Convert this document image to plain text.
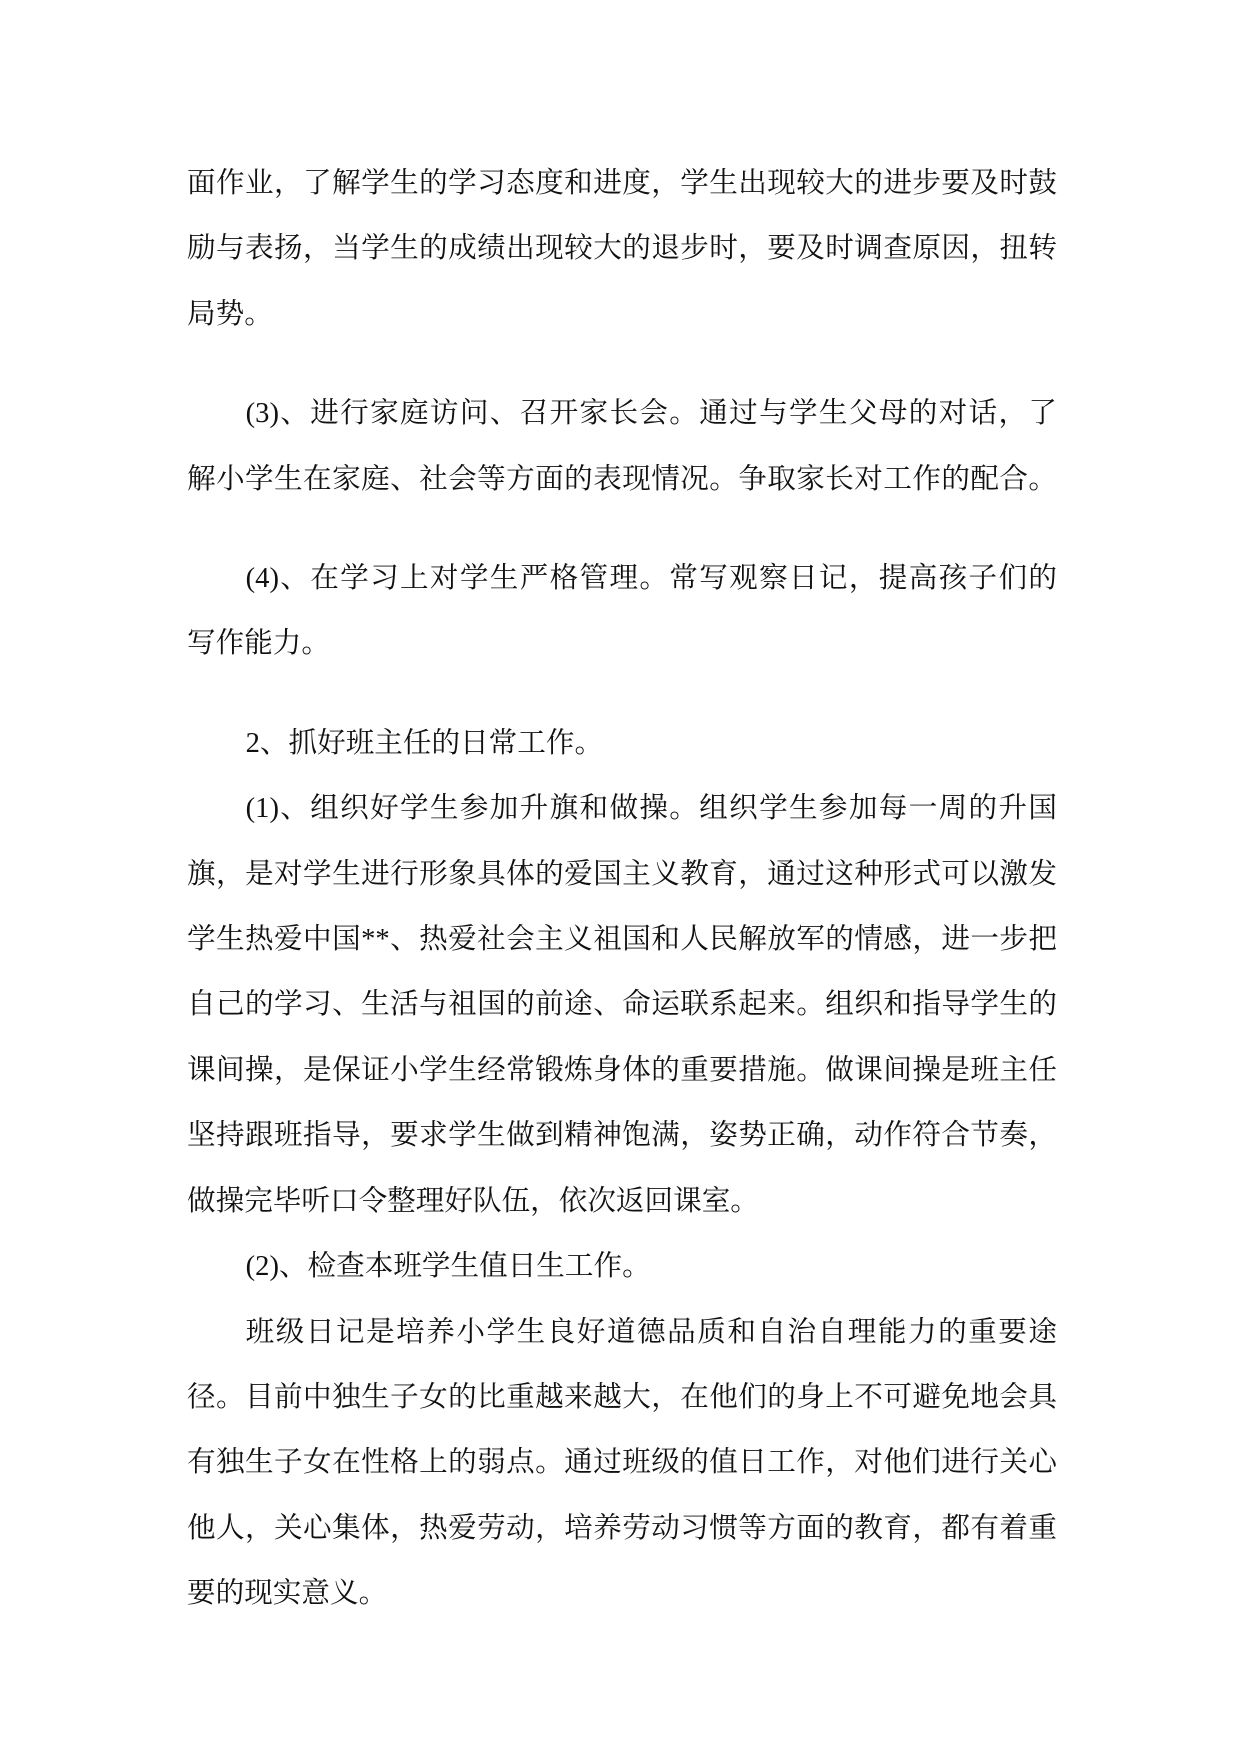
面作业，了解学生的学习态度和进度，学生出现较大的进步要及时鼓
励与表扬，当学生的成绩出现较大的退步时，要及时调查原因，扭转
局势。
(3)、进行家庭访问、召开家长会。通过与学生父母的对话，了
解小学生在家庭、社会等方面的表现情况。争取家长对工作的配合。
(4)、在学习上对学生严格管理。常写观察日记，提高孩子们的
写作能力。
2、抓好班主任的日常工作。
(1)、组织好学生参加升旗和做操。组织学生参加每一周的升国
旗，是对学生进行形象具体的爱国主义教育，通过这种形式可以激发
学生热爱中国**、热爱社会主义祖国和人民解放军的情感，进一步把
自己的学习、生活与祖国的前途、命运联系起来。组织和指导学生的
课间操，是保证小学生经常锻炼身体的重要措施。做课间操是班主任
坚持跟班指导，要求学生做到精神饱满，姿势正确，动作符合节奏，
做操完毕听口令整理好队伍，依次返回课室。
(2)、检查本班学生值日生工作。
班级日记是培养小学生良好道德品质和自治自理能力的重要途
径。目前中独生子女的比重越来越大，在他们的身上不可避免地会具
有独生子女在性格上的弱点。通过班级的值日工作，对他们进行关心
他人，关心集体，热爱劳动，培养劳动习惯等方面的教育，都有着重
要的现实意义。
